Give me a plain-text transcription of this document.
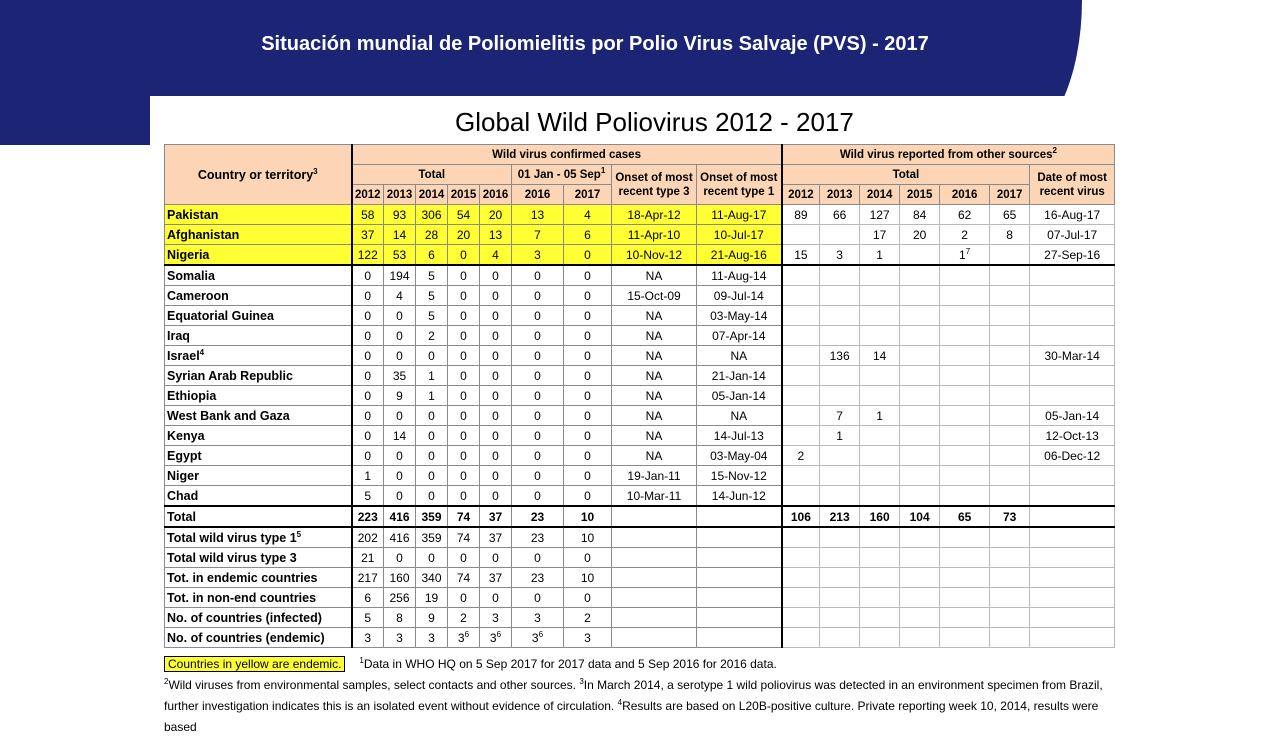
Situación mundial de Poliomielitis por Polio Virus Salvaje (PVS) - 2017
Global Wild Poliovirus 2012 - 2017
Country or territory$^3$	Wild virus confirmed cases									Wild virus reported from other sources$^2$
	Total					01 Jan - 05 Sep$^1$		Onset of most recent type 3	Onset of most recent type 1	Total						Date of most recent virus
	2012	2013	2014	2015	2016	2016	2017			2012	2013	2014	2015	2016	2017	
Pakistan	58	93	306	54	20	13	4	18-Apr-12	11-Aug-17	89	66	127	84	62	65	16-Aug-17
Afghanistan	37	14	28	20	13	7	6	11-Apr-10	10-Jul-17			17	20	2	8	07-Jul-17
Nigeria	122	53	6	0	4	3	0	10-Nov-12	21-Aug-16	15	3	1		$1^7$		27-Sep-16
Somalia	0	194	5	0	0	0	0	NA	11-Aug-14							
Cameroon	0	4	5	0	0	0	0	15-Oct-09	09-Jul-14							
Equatorial Guinea	0	0	5	0	0	0	0	NA	03-May-14							
Iraq	0	0	2	0	0	0	0	NA	07-Apr-14							
Israel$^4$	0	0	0	0	0	0	0	NA	NA		136	14				30-Mar-14
Syrian Arab Republic	0	35	1	0	0	0	0	NA	21-Jan-14							
Ethiopia	0	9	1	0	0	0	0	NA	05-Jan-14							
West Bank and Gaza	0	0	0	0	0	0	0	NA	NA		7	1				05-Jan-14
Kenya	0	14	0	0	0	0	0	NA	14-Jul-13		1					12-Oct-13
Egypt	0	0	0	0	0	0	0	NA	03-May-04	2						06-Dec-12
Niger	1	0	0	0	0	0	0	19-Jan-11	15-Nov-12							
Chad	5	0	0	0	0	0	0	10-Mar-11	14-Jun-12							
Total	223	416	359	74	37	23	10			106	213	160	104	65	73	
Total wild virus type $1^5$	202	416	359	74	37	23	10									
Total wild virus type 3	21	0	0	0	0	0	0									
Tot. in endemic countries	217	160	340	74	37	23	10									
Tot. in non-end countries	6	256	19	0	0	0	0									
No. of countries (infected)	5	8	9	2	3	3	2									
No. of countries (endemic)	3	3	3	$3^6$	$3^6$	$3^6$	3									
Countries in yellow are endemic. $^1$Data in WHO HQ on 5 Sep 2017 for 2017 data and 5 Sep 2016 for 2016 data.
$^2$Wild viruses from environmental samples, select contacts and other sources. $^3$In March 2014, a serotype 1 wild poliovirus was detected in an environment specimen from Brazil,
further investigation indicates this is an isolated event without evidence of circulation. $^4$Results are based on L20B-positive culture. Private reporting week 10, 2014, results were based
